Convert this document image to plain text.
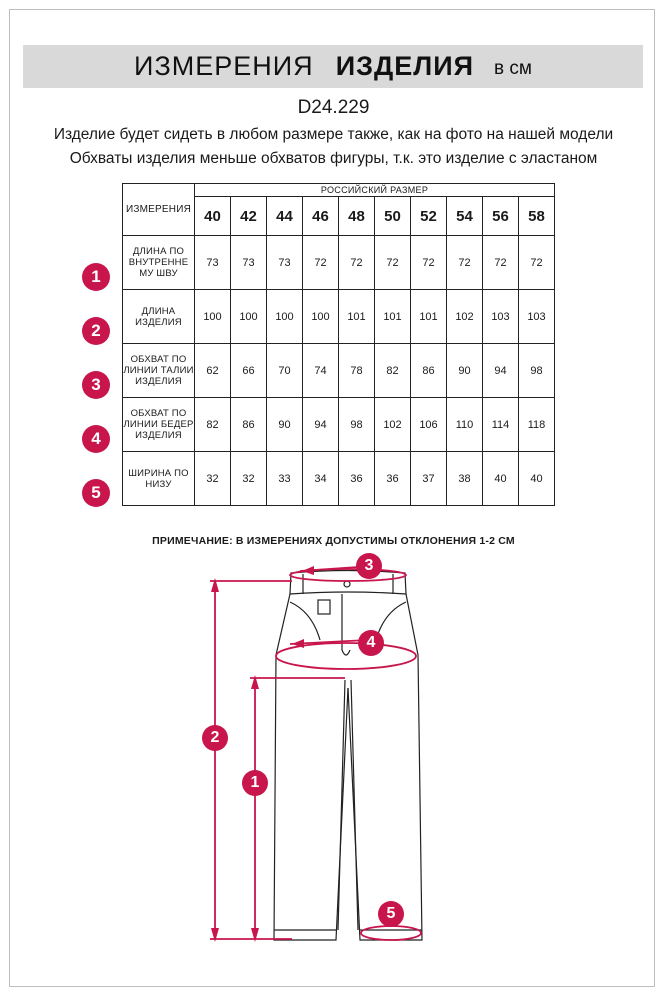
ИЗМЕРЕНИЯ ИЗДЕЛИЯ в см
D24.229
Изделие будет сидеть в любом размере также, как на фото на нашей модели
Обхваты изделия меньше обхватов фигуры, т.к. это изделие с эластаном
ИЗМЕРЕНИЯ	РОССИЙСКИЙ РАЗМЕР									
	40	42	44	46	48	50	52	54	56	58
ДЛИНА ПО ВНУТРЕННЕ МУ ШВУ	73	73	73	72	72	72	72	72	72	72
ДЛИНА ИЗДЕЛИЯ	100	100	100	100	101	101	101	102	103	103
ОБХВАТ ПО ЛИНИИ ТАЛИИ ИЗДЕЛИЯ	62	66	70	74	78	82	86	90	94	98
ОБХВАТ ПО ЛИНИИ БЕДЕР ИЗДЕЛИЯ	82	86	90	94	98	102	106	110	114	118
ШИРИНА ПО НИЗУ	32	32	33	34	36	36	37	38	40	40
1
2
3
4
5
ПРИМЕЧАНИЕ: В ИЗМЕРЕНИЯХ ДОПУСТИМЫ ОТКЛОНЕНИЯ 1-2 СМ
3
4
2
1
5
